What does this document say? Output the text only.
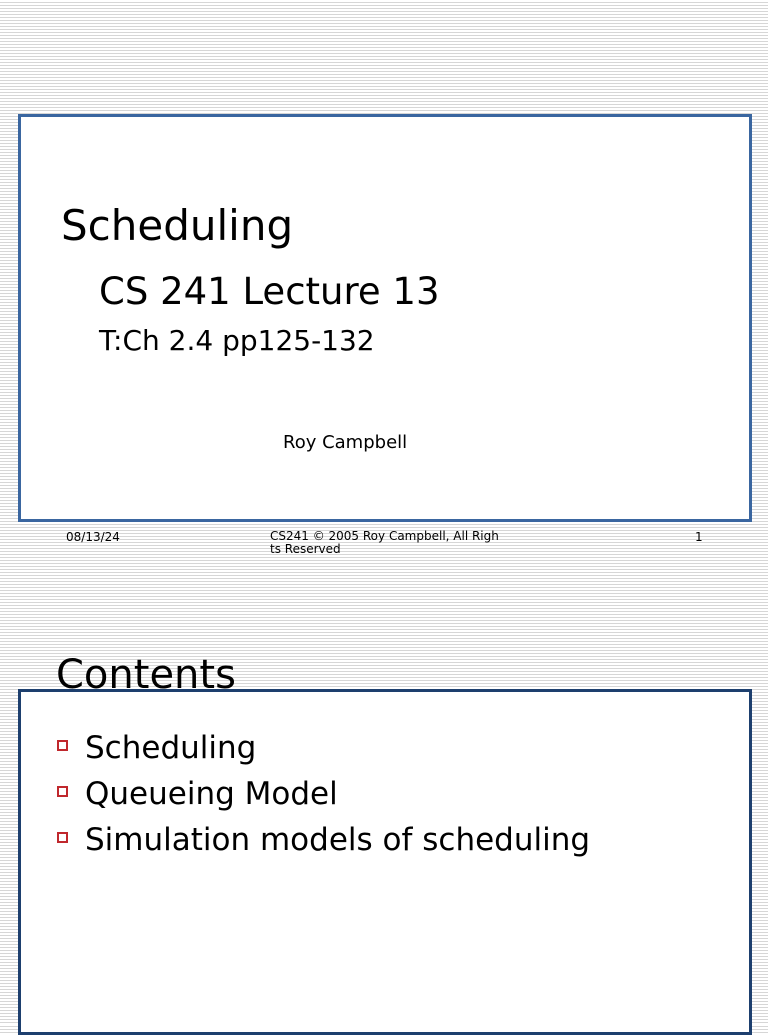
Scheduling
CS 241 Lecture 13
T:Ch 2.4 pp125-132
Roy Campbell
08/13/24	CS241 © 2005 Roy Campbell, All Rights Reserved
1
Contents
Scheduling
Queueing Model
Simulation models of scheduling
